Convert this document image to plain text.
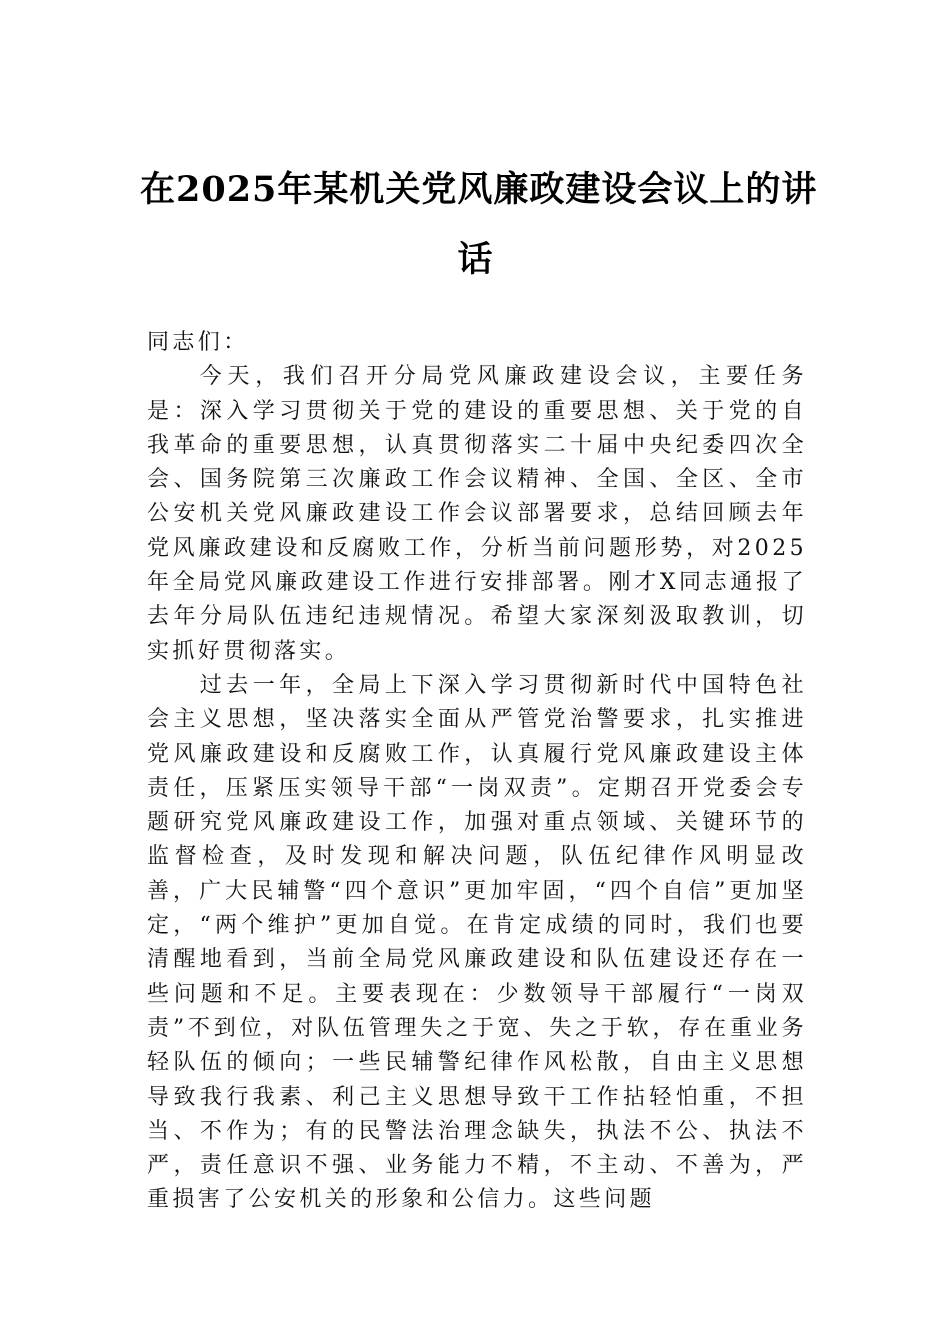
在2025年某机关党风廉政建设会议上的讲
话

同志们：

今天，我们召开分局党风廉政建设会议，主要任务是：深入学习贯彻关于党的建设的重要思想、关于党的自我革命的重要思想，认真贯彻落实二十届中央纪委四次全会、国务院第三次廉政工作会议精神、全国、全区、全市公安机关党风廉政建设工作会议部署要求，总结回顾去年党风廉政建设和反腐败工作，分析当前问题形势，对2025年全局党风廉政建设工作进行安排部署。刚才X同志通报了去年分局队伍违纪违规情况。希望大家深刻汲取教训，切实抓好贯彻落实。

过去一年，全局上下深入学习贯彻新时代中国特色社会主义思想，坚决落实全面从严管党治警要求，扎实推进党风廉政建设和反腐败工作，认真履行党风廉政建设主体责任，压紧压实领导干部“一岗双责”。定期召开党委会专题研究党风廉政建设工作，加强对重点领域、关键环节的监督检查，及时发现和解决问题，队伍纪律作风明显改善，广大民辅警“四个意识”更加牢固，“四个自信”更加坚定，“两个维护”更加自觉。在肯定成绩的同时，我们也要清醒地看到，当前全局党风廉政建设和队伍建设还存在一些问题和不足。主要表现在：少数领导干部履行“一岗双责”不到位，对队伍管理失之于宽、失之于软，存在重业务轻队伍的倾向；一些民辅警纪律作风松散，自由主义思想导致我行我素、利己主义思想导致干工作拈轻怕重，不担当、不作为；有的民警法治理念缺失，执法不公、执法不严，责任意识不强、业务能力不精，不主动、不善为，严重损害了公安机关的形象和公信力。这些问题
